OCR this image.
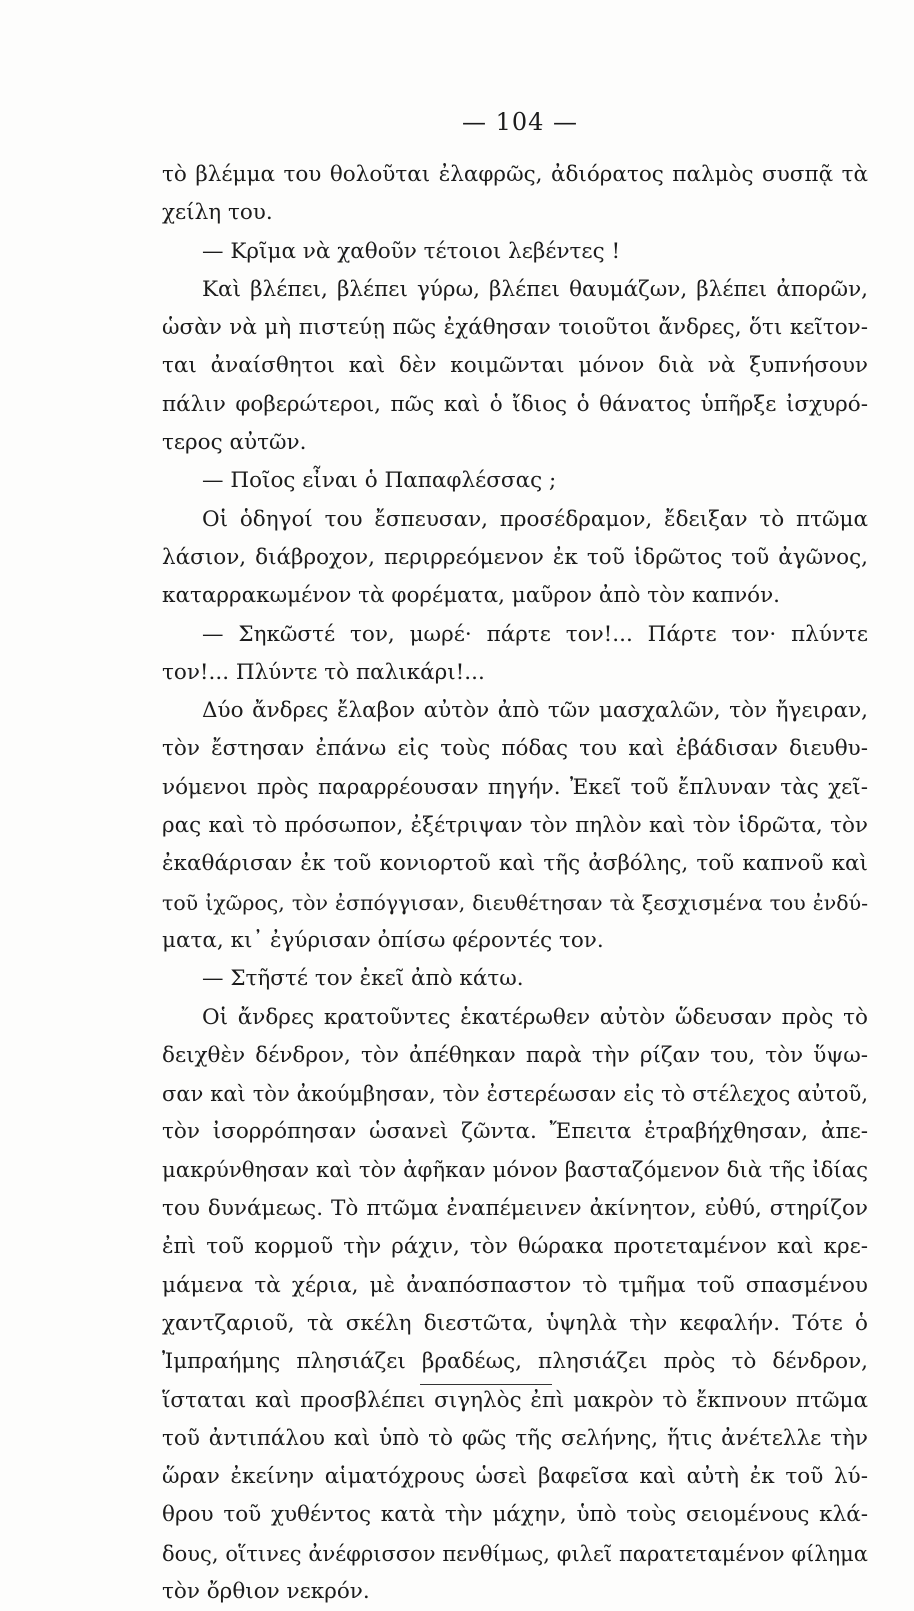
— 104 —
τὸ βλέμμα του θολοῦται ἐλαφρῶς, ἀδιόρατος παλμὸς συσπᾷ τὰ
χείλη του.
— Κρῖμα νὰ χαθοῦν τέτοιοι λεβέντες !
Καὶ βλέπει, βλέπει γύρω, βλέπει θαυμάζων, βλέπει ἀπορῶν,
ὡσὰν νὰ μὴ πιστεύῃ πῶς ἐχάθησαν τοιοῦτοι ἄνδρες, ὅτι κεῖτον-
ται ἀναίσθητοι καὶ δὲν κοιμῶνται μόνον διὰ νὰ ξυπνήσουν
πάλιν φοβερώτεροι, πῶς καὶ ὁ ἴδιος ὁ θάνατος ὑπῆρξε ἰσχυρό-
τερος αὐτῶν.
— Ποῖος εἶναι ὁ Παπαφλέσσας ;
Οἱ ὁδηγοί του ἔσπευσαν, προσέδραμον, ἔδειξαν τὸ πτῶμα
λάσιον, διάβροχον, περιρρεόμενον ἐκ τοῦ ἱδρῶτος τοῦ ἀγῶνος,
καταρρακωμένον τὰ φορέματα, μαῦρον ἀπὸ τὸν καπνόν.
— Σηκῶστέ τον, μωρέ· πάρτε τον!... Πάρτε τον· πλύντε
τον!... Πλύντε τὸ παλικάρι!...
Δύο ἄνδρες ἔλαβον αὐτὸν ἀπὸ τῶν μασχαλῶν, τὸν ἤγειραν,
τὸν ἔστησαν ἐπάνω εἰς τοὺς πόδας του καὶ ἐβάδισαν διευθυ-
νόμενοι πρὸς παραρρέουσαν πηγήν. Ἐκεῖ τοῦ ἔπλυναν τὰς χεῖ-
ρας καὶ τὸ πρόσωπον, ἐξέτριψαν τὸν πηλὸν καὶ τὸν ἱδρῶτα, τὸν
ἐκαθάρισαν ἐκ τοῦ κονιορτοῦ καὶ τῆς ἀσβόλης, τοῦ καπνοῦ καὶ
τοῦ ἰχῶρος, τὸν ἐσπόγγισαν, διευθέτησαν τὰ ξεσχισμένα του ἐνδύ-
ματα, κι᾿ ἐγύρισαν ὀπίσω φέροντές τον.
— Στῆστέ τον ἐκεῖ ἀπὸ κάτω.
Οἱ ἄνδρες κρατοῦντες ἑκατέρωθεν αὐτὸν ὥδευσαν πρὸς τὸ
δειχθὲν δένδρον, τὸν ἀπέθηκαν παρὰ τὴν ρίζαν του, τὸν ὕψω-
σαν καὶ τὸν ἀκούμβησαν, τὸν ἐστερέωσαν εἰς τὸ στέλεχος αὐτοῦ,
τὸν ἰσορρόπησαν ὡσανεὶ ζῶντα. Ἔπειτα ἐτραβήχθησαν, ἀπε-
μακρύνθησαν καὶ τὸν ἀφῆκαν μόνον βασταζόμενον διὰ τῆς ἰδίας
του δυνάμεως. Τὸ πτῶμα ἐναπέμεινεν ἀκίνητον, εὐθύ, στηρίζον
ἐπὶ τοῦ κορμοῦ τὴν ράχιν, τὸν θώρακα προτεταμένον καὶ κρε-
μάμενα τὰ χέρια, μὲ ἀναπόσπαστον τὸ τμῆμα τοῦ σπασμένου
χαντζαριοῦ, τὰ σκέλη διεστῶτα, ὑψηλὰ τὴν κεφαλήν. Τότε ὁ
Ἰμπραήμης πλησιάζει βραδέως, πλησιάζει πρὸς τὸ δένδρον,
ἵσταται καὶ προσβλέπει σιγηλὸς ἐπὶ μακρὸν τὸ ἔκπνουν πτῶμα
τοῦ ἀντιπάλου καὶ ὑπὸ τὸ φῶς τῆς σελήνης, ἥτις ἀνέτελλε τὴν
ὥραν ἐκείνην αἱματόχρους ὡσεὶ βαφεῖσα καὶ αὐτὴ ἐκ τοῦ λύ-
θρου τοῦ χυθέντος κατὰ τὴν μάχην, ὑπὸ τοὺς σειομένους κλά-
δους, οἵτινες ἀνέφρισσον πενθίμως, φιλεῖ παρατεταμένον φίλημα
τὸν ὄρθιον νεκρόν.
